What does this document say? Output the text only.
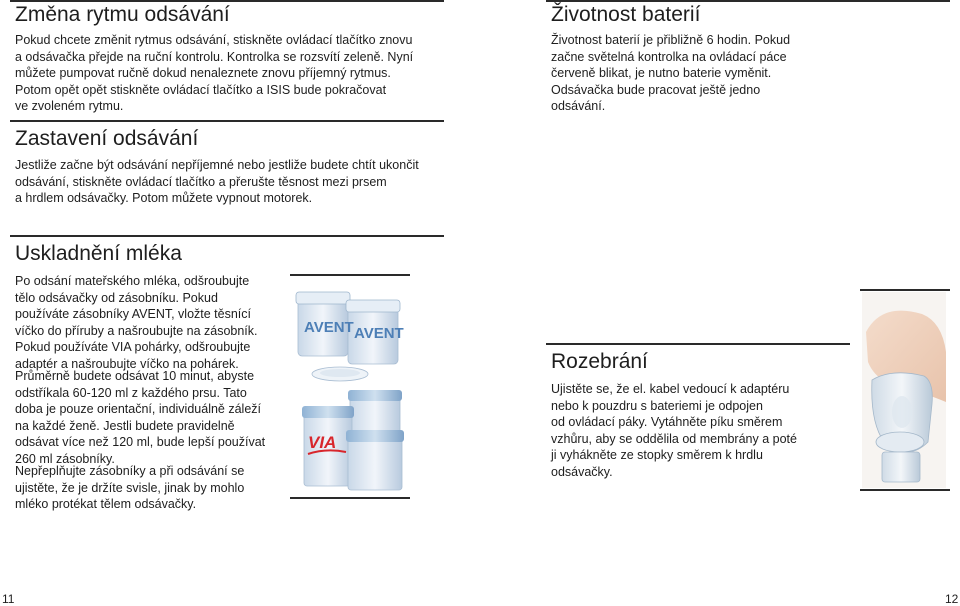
Změna rytmu odsávání
Pokud chcete změnit rytmus odsávání, stiskněte ovládací tlačítko znovu
a odsávačka přejde na ruční kontrolu. Kontrolka se rozsvítí zeleně. Nyní
můžete pumpovat ručně dokud nenaleznete znovu příjemný rytmus.
Potom opět opět stiskněte ovládací tlačítko a ISIS bude pokračovat
ve zvoleném rytmu.
Zastavení odsávání
Jestliže začne být odsávání nepříjemné nebo jestliže budete chtít ukončit
odsávání, stiskněte ovládací tlačítko a přerušte těsnost mezi prsem
a hrdlem odsávačky. Potom můžete vypnout motorek.
Uskladnění mléka
Po odsání mateřského mléka, odšroubujte
tělo odsávačky od zásobníku. Pokud
používáte zásobníky AVENT, vložte těsnící
víčko do příruby a našroubujte na zásobník.
Pokud používáte VIA pohárky, odšroubujte
adaptér a našroubujte víčko na pohárek.
Průměrně budete odsávat 10 minut, abyste
odstříkala 60-120 ml z každého prsu. Tato
doba je pouze orientační, individuálně záleží
na každé ženě. Jestli budete pravidelně
odsávat více než 120 ml, bude lepší používat
260 ml zásobníky.
Nepřeplňujte zásobníky a při odsávání se
ujistěte, že je držíte svisle, jinak by mohlo
mléko protékat tělem odsávačky.
AVENT AVENT
VIA
11
Životnost baterií
Životnost baterií je přibližně 6 hodin. Pokud
začne světelná kontrolka na ovládací páce
červeně blikat, je nutno baterie vyměnit.
Odsávačka bude pracovat ještě jedno
odsávání.
Rozebrání
Ujistěte se, že el. kabel vedoucí k adaptéru
nebo k pouzdru s bateriemi je odpojen
od ovládací páky. Vytáhněte píku směrem
vzhůru, aby se oddělila od membrány a poté
ji vyhákněte ze stopky směrem k hrdlu
odsávačky.
12
